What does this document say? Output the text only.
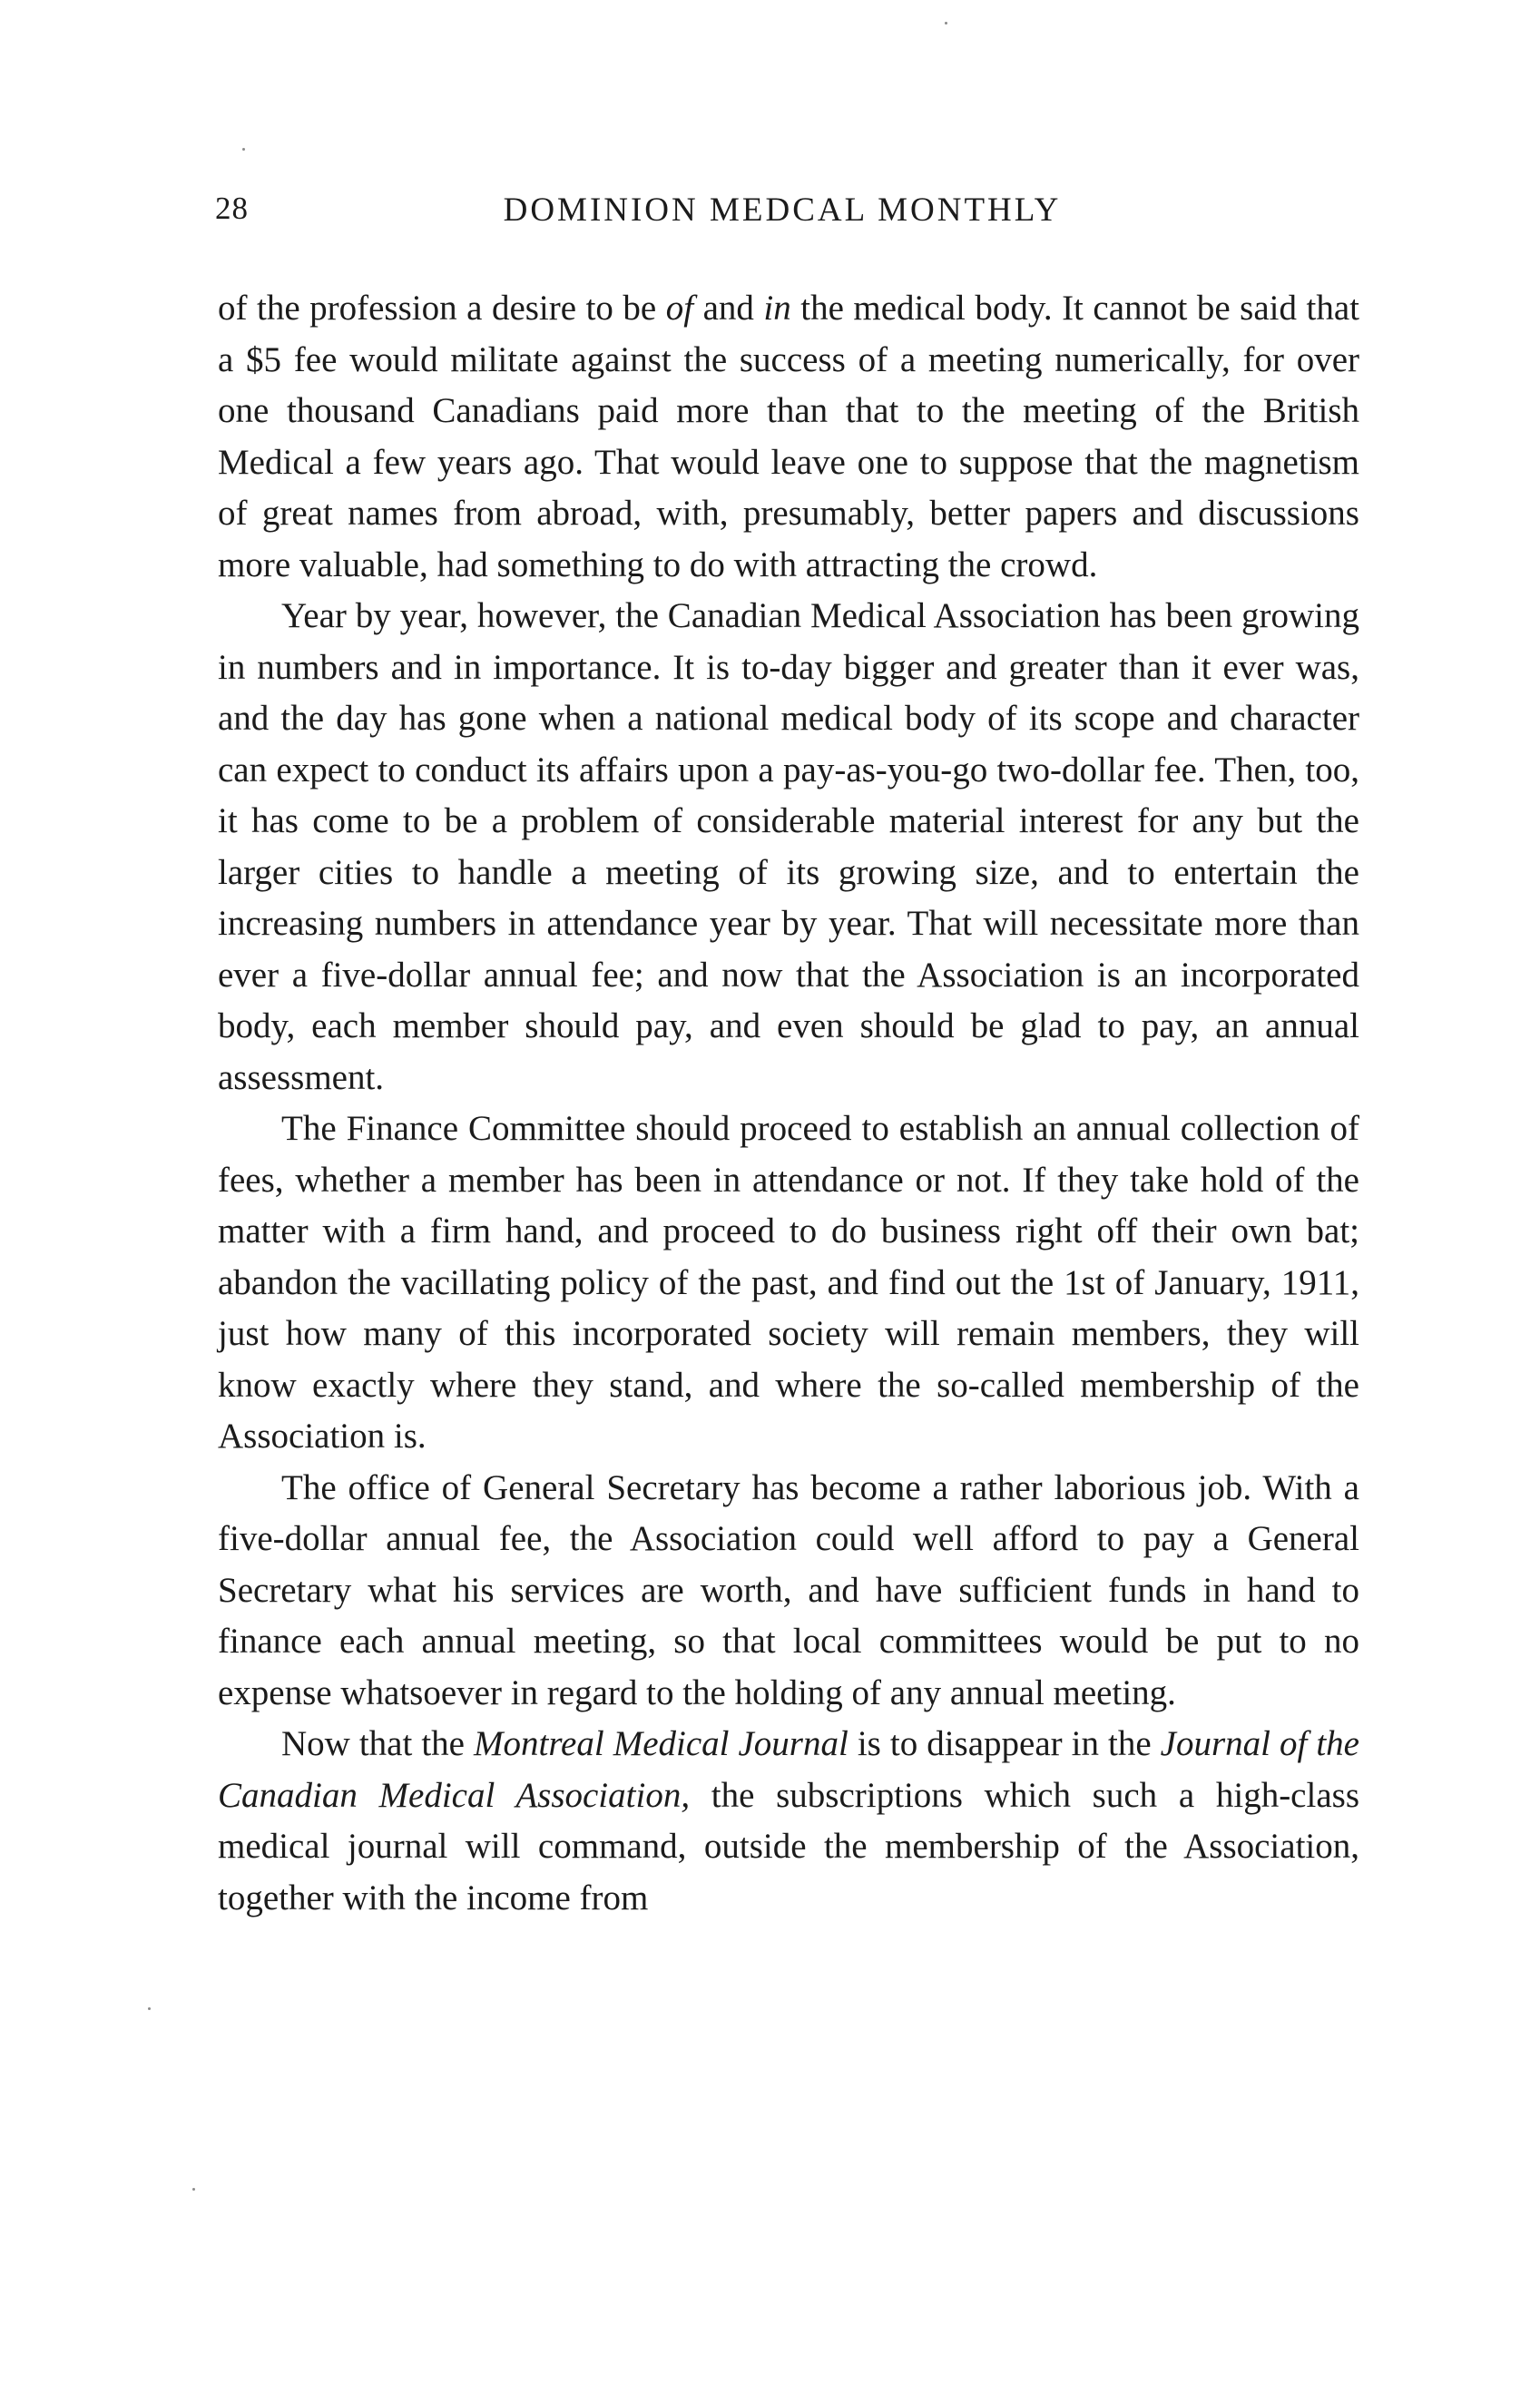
28	DOMINION MEDCAL MONTHLY

of the profession a desire to be of and in the medical body. It cannot be said that a $5 fee would militate against the success of a meeting numerically, for over one thousand Canadians paid more than that to the meeting of the British Medical a few years ago. That would leave one to suppose that the magnetism of great names from abroad, with, presumably, better papers and discussions more valuable, had something to do with attracting the crowd.

Year by year, however, the Canadian Medical Association has been growing in numbers and in importance. It is to-day bigger and greater than it ever was, and the day has gone when a national medical body of its scope and character can expect to conduct its affairs upon a pay-as-you-go two-dollar fee. Then, too, it has come to be a problem of considerable material interest for any but the larger cities to handle a meeting of its growing size, and to entertain the increasing numbers in attendance year by year. That will necessitate more than ever a five-dollar annual fee; and now that the Association is an incorporated body, each member should pay, and even should be glad to pay, an annual assessment.

The Finance Committee should proceed to establish an annual collection of fees, whether a member has been in attendance or not. If they take hold of the matter with a firm hand, and proceed to do business right off their own bat; abandon the vacillating policy of the past, and find out the 1st of January, 1911, just how many of this incorporated society will remain members, they will know exactly where they stand, and where the so-called membership of the Association is.

The office of General Secretary has become a rather laborious job. With a five-dollar annual fee, the Association could well afford to pay a General Secretary what his services are worth, and have sufficient funds in hand to finance each annual meeting, so that local committees would be put to no expense whatsoever in regard to the holding of any annual meeting.

Now that the Montreal Medical Journal is to disappear in the Journal of the Canadian Medical Association, the subscriptions which such a high-class medical journal will command, outside the membership of the Association, together with the income from
